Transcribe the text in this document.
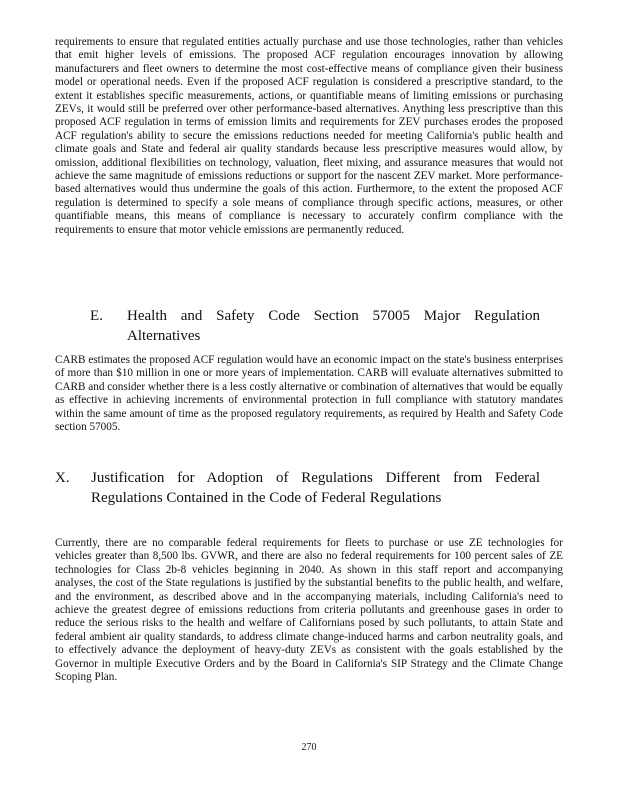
requirements to ensure that regulated entities actually purchase and use those technologies, rather than vehicles that emit higher levels of emissions. The proposed ACF regulation encourages innovation by allowing manufacturers and fleet owners to determine the most cost-effective means of compliance given their business model or operational needs. Even if the proposed ACF regulation is considered a prescriptive standard, to the extent it establishes specific measurements, actions, or quantifiable means of limiting emissions or purchasing ZEVs, it would still be preferred over other performance-based alternatives. Anything less prescriptive than this proposed ACF regulation in terms of emission limits and requirements for ZEV purchases erodes the proposed ACF regulation's ability to secure the emissions reductions needed for meeting California's public health and climate goals and State and federal air quality standards because less prescriptive measures would allow, by omission, additional flexibilities on technology, valuation, fleet mixing, and assurance measures that would not achieve the same magnitude of emissions reductions or support for the nascent ZEV market. More performance-based alternatives would thus undermine the goals of this action. Furthermore, to the extent the proposed ACF regulation is determined to specify a sole means of compliance through specific actions, measures, or other quantifiable means, this means of compliance is necessary to accurately confirm compliance with the requirements to ensure that motor vehicle emissions are permanently reduced.

E. Health and Safety Code Section 57005 Major Regulation Alternatives

CARB estimates the proposed ACF regulation would have an economic impact on the state's business enterprises of more than $10 million in one or more years of implementation. CARB will evaluate alternatives submitted to CARB and consider whether there is a less costly alternative or combination of alternatives that would be equally as effective in achieving increments of environmental protection in full compliance with statutory mandates within the same amount of time as the proposed regulatory requirements, as required by Health and Safety Code section 57005.

X. Justification for Adoption of Regulations Different from Federal Regulations Contained in the Code of Federal Regulations

Currently, there are no comparable federal requirements for fleets to purchase or use ZE technologies for vehicles greater than 8,500 lbs. GVWR, and there are also no federal requirements for 100 percent sales of ZE technologies for Class 2b-8 vehicles beginning in 2040. As shown in this staff report and accompanying analyses, the cost of the State regulations is justified by the substantial benefits to the public health, and welfare, and the environment, as described above and in the accompanying materials, including California's need to achieve the greatest degree of emissions reductions from criteria pollutants and greenhouse gases in order to reduce the serious risks to the health and welfare of Californians posed by such pollutants, to attain State and federal ambient air quality standards, to address climate change-induced harms and carbon neutrality goals, and to effectively advance the deployment of heavy-duty ZEVs as consistent with the goals established by the Governor in multiple Executive Orders and by the Board in California's SIP Strategy and the Climate Change Scoping Plan.

270
